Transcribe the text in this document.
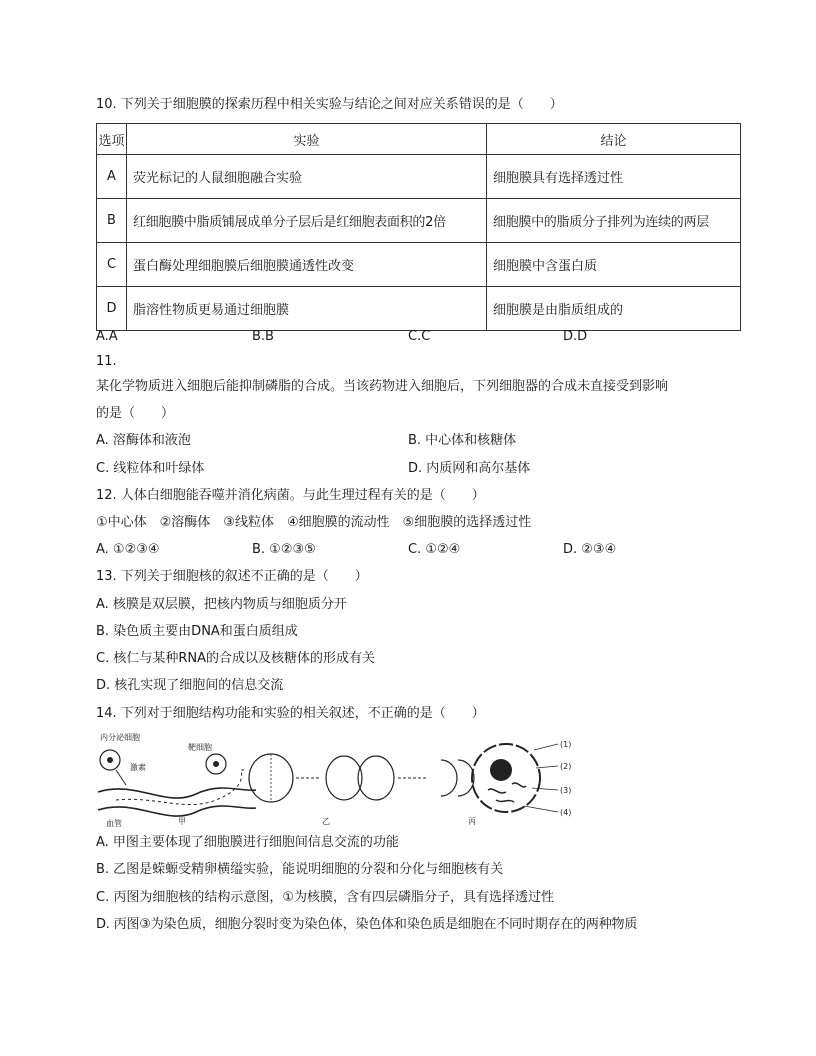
10. 下列关于细胞膜的探索历程中相关实验与结论之间对应关系错误的是（　　）
选项	实验	结论
A	荧光标记的人鼠细胞融合实验	细胞膜具有选择透过性
B	红细胞膜中脂质铺展成单分子层后是红细胞表面积的2倍	细胞膜中的脂质分子排列为连续的两层
C	蛋白酶处理细胞膜后细胞膜通透性改变	细胞膜中含蛋白质
D	脂溶性物质更易通过细胞膜	细胞膜是由脂质组成的
A.A	B.B	C.C	D.D
11.
某化学物质进入细胞后能抑制磷脂的合成。当该药物进入细胞后，下列细胞器的合成未直接受到影响
的是（　　）
A. 溶酶体和液泡	B. 中心体和核糖体
C. 线粒体和叶绿体	D. 内质网和高尔基体
12. 人体白细胞能吞噬并消化病菌。与此生理过程有关的是（　　）
①中心体　②溶酶体　③线粒体　④细胞膜的流动性　⑤细胞膜的选择透过性
A. ①②③④	B. ①②③⑤	C. ①②④	D. ②③④
13. 下列关于细胞核的叙述不正确的是（　　）
A. 核膜是双层膜，把核内物质与细胞质分开
B. 染色质主要由DNA和蛋白质组成
C. 核仁与某种RNA的合成以及核糖体的形成有关
D. 核孔实现了细胞间的信息交流
14. 下列对于细胞结构功能和实验的相关叙述，不正确的是（　　）
内分泌细胞
激素
血管
靶细胞
甲	乙
(1)
(2)
(3)
(4)
丙
A. 甲图主要体现了细胞膜进行细胞间信息交流的功能
B. 乙图是蝾螈受精卵横缢实验，能说明细胞的分裂和分化与细胞核有关
C. 丙图为细胞核的结构示意图，①为核膜，含有四层磷脂分子，具有选择透过性
D. 丙图③为染色质，细胞分裂时变为染色体，染色体和染色质是细胞在不同时期存在的两种物质
